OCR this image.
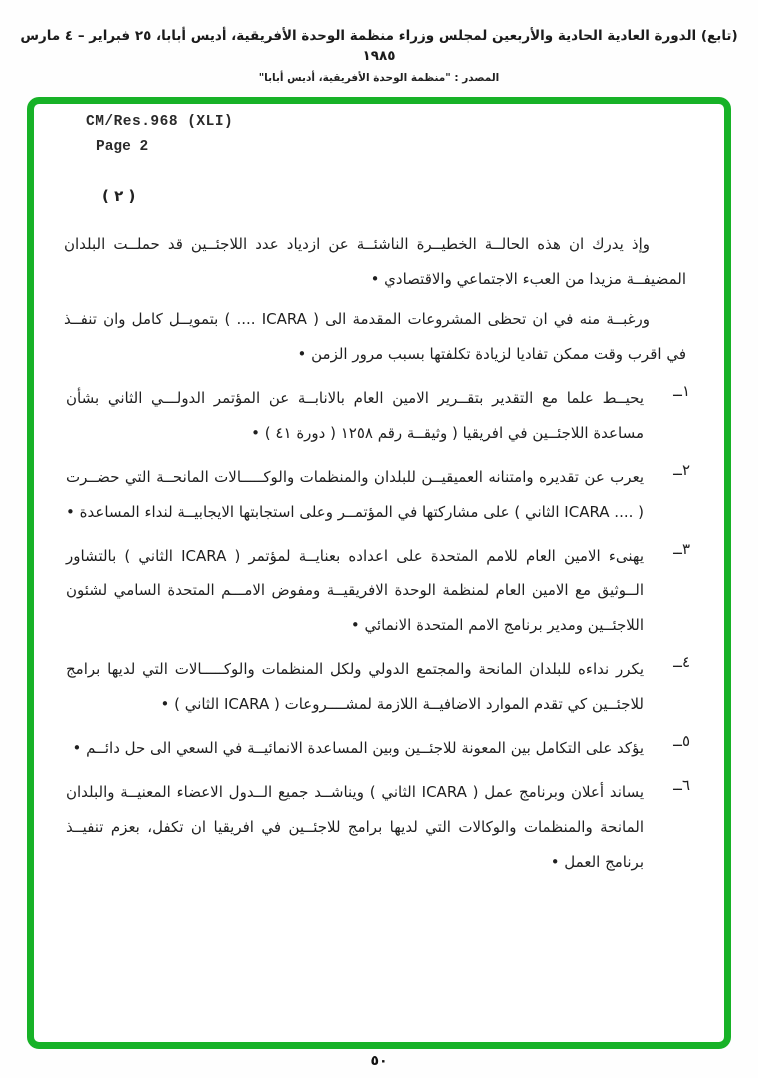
(تابع) الدورة العادية الحادية والأربعين لمجلس وزراء منظمة الوحدة الأفريقية، أديس أبابا، ٢٥ فبراير – ٤ مارس ١٩٨٥
المصدر : "منظمة الوحدة الأفريقية، أديس أبابا"
CM/Res.968 (XLI)
Page 2
( ٢ )

وإذ يدرك ان هذه الحالــة الخطيــرة الناشئــة عن ازدياد عدد اللاجئــين قد حملــت البلدان المضيفــة مزيدا من العبء الاجتماعي والاقتصادي •

ورغبــة منه في ان تحظى المشروعات المقدمة الى ( ICARA .... ) بتمويــل كامل وان تنفــذ في اقرب وقت ممكن تفاديا لزيادة تكلفتها بسبب مرور الزمن •

١ــ
يحيــط علما مع التقدير بتقــرير الامين العام بالانابــة عن المؤتمر الدولـــي الثاني بشأن مساعدة اللاجئــين في افريقيا ( وثيقــة رقم ١٢٥٨ ( دورة ٤١ ) •
٢ــ
يعرب عن تقديره وامتنانه العميقيــن للبلدان والمنظمات والوكـــــالات المانحــة التي حضــرت ( .... ICARA الثاني ) على مشاركتها في المؤتمــر وعلى استجابتها الايجابيــة لنداء المساعدة •
٣ــ
يهنىء الامين العام للامم المتحدة على اعداده بعنايــة لمؤتمر ( ICARA الثاني ) بالتشاور الــوثيق مع الامين العام لمنظمة الوحدة الافريقيــة ومفوض الامـــم المتحدة السامي لشئون اللاجئــين ومدير برنامج الامم المتحدة الانمائي •
٤ــ
يكرر نداءه للبلدان المانحة والمجتمع الدولي ولكل المنظمات والوكـــــالات التي لديها برامج للاجئــين كي تقدم الموارد الاضافيــة اللازمة لمشــــروعات ( ICARA الثاني ) •
٥ــ
يؤكد على التكامل بين المعونة للاجئــين وبين المساعدة الانمائيــة في السعي الى حل دائــم •
٦ــ
يساند أعلان وبرنامج عمل ( ICARA الثاني ) ويناشــد جميع الــدول الاعضاء المعنيــة والبلدان المانحة والمنظمات والوكالات التي لديها برامج للاجئــين في افريقيا ان تكفل، بعزم تنفيــذ برنامج العمل •
٥٠
